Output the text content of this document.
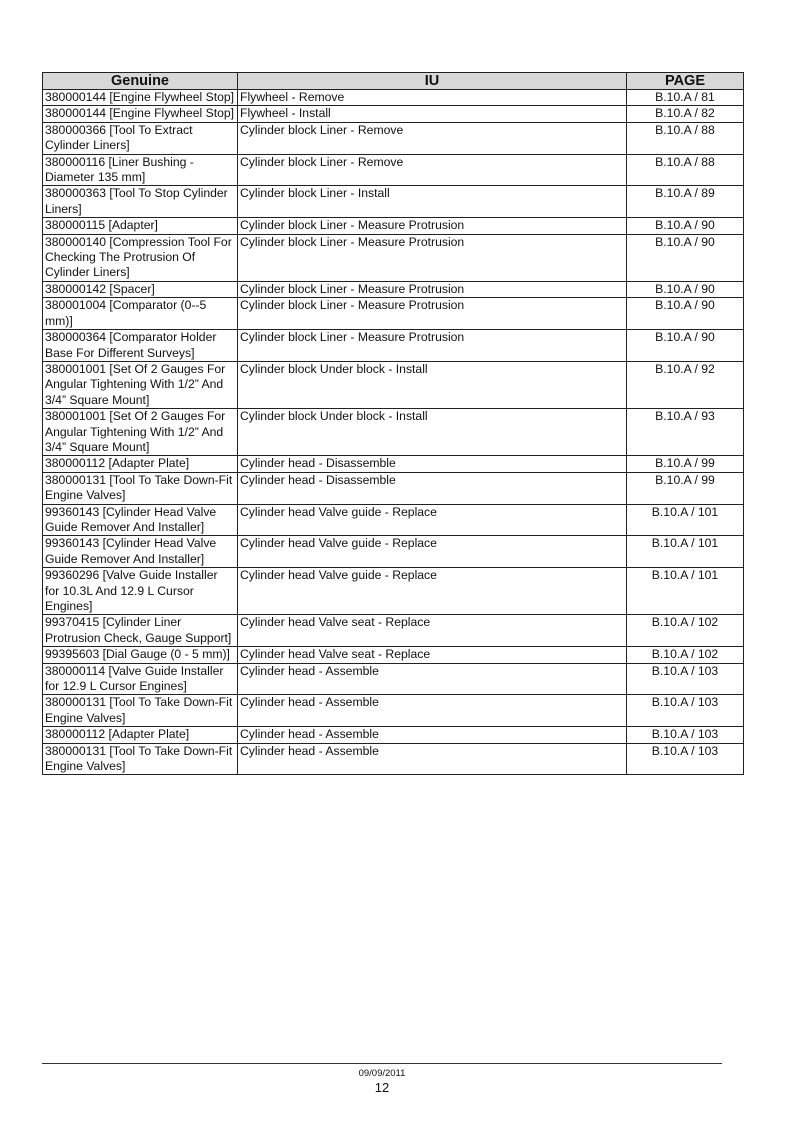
Genuine	IU	PAGE
380000144 [Engine Flywheel Stop]	Flywheel - Remove	B.10.A / 81
380000144 [Engine Flywheel Stop]	Flywheel - Install	B.10.A / 82
380000366 [Tool To Extract Cylinder Liners]	Cylinder block Liner - Remove	B.10.A / 88
380000116 [Liner Bushing - Diameter 135 mm]	Cylinder block Liner - Remove	B.10.A / 88
380000363 [Tool To Stop Cylinder Liners]	Cylinder block Liner - Install	B.10.A / 89
380000115 [Adapter]	Cylinder block Liner - Measure Protrusion	B.10.A / 90
380000140 [Compression Tool For Checking The Protrusion Of Cylinder Liners]	Cylinder block Liner - Measure Protrusion	B.10.A / 90
380000142 [Spacer]	Cylinder block Liner - Measure Protrusion	B.10.A / 90
380001004 [Comparator (0--5 mm)]	Cylinder block Liner - Measure Protrusion	B.10.A / 90
380000364 [Comparator Holder Base For Different Surveys]	Cylinder block Liner - Measure Protrusion	B.10.A / 90
380001001 [Set Of 2 Gauges For Angular Tightening With 1/2” And 3/4” Square Mount]	Cylinder block Under block - Install	B.10.A / 92
380001001 [Set Of 2 Gauges For Angular Tightening With 1/2” And 3/4” Square Mount]	Cylinder block Under block - Install	B.10.A / 93
380000112 [Adapter Plate]	Cylinder head - Disassemble	B.10.A / 99
380000131 [Tool To Take Down-Fit Engine Valves]	Cylinder head - Disassemble	B.10.A / 99
99360143 [Cylinder Head Valve Guide Remover And Installer]	Cylinder head Valve guide - Replace	B.10.A / 101
99360143 [Cylinder Head Valve Guide Remover And Installer]	Cylinder head Valve guide - Replace	B.10.A / 101
99360296 [Valve Guide Installer for 10.3L And 12.9 L Cursor Engines]	Cylinder head Valve guide - Replace	B.10.A / 101
99370415 [Cylinder Liner Protrusion Check, Gauge Support]	Cylinder head Valve seat - Replace	B.10.A / 102
99395603 [Dial Gauge (0 - 5 mm)]	Cylinder head Valve seat - Replace	B.10.A / 102
380000114 [Valve Guide Installer for 12.9 L Cursor Engines]	Cylinder head - Assemble	B.10.A / 103
380000131 [Tool To Take Down-Fit Engine Valves]	Cylinder head - Assemble	B.10.A / 103
380000112 [Adapter Plate]	Cylinder head - Assemble	B.10.A / 103
380000131 [Tool To Take Down-Fit Engine Valves]	Cylinder head - Assemble	B.10.A / 103
09/09/2011
12
